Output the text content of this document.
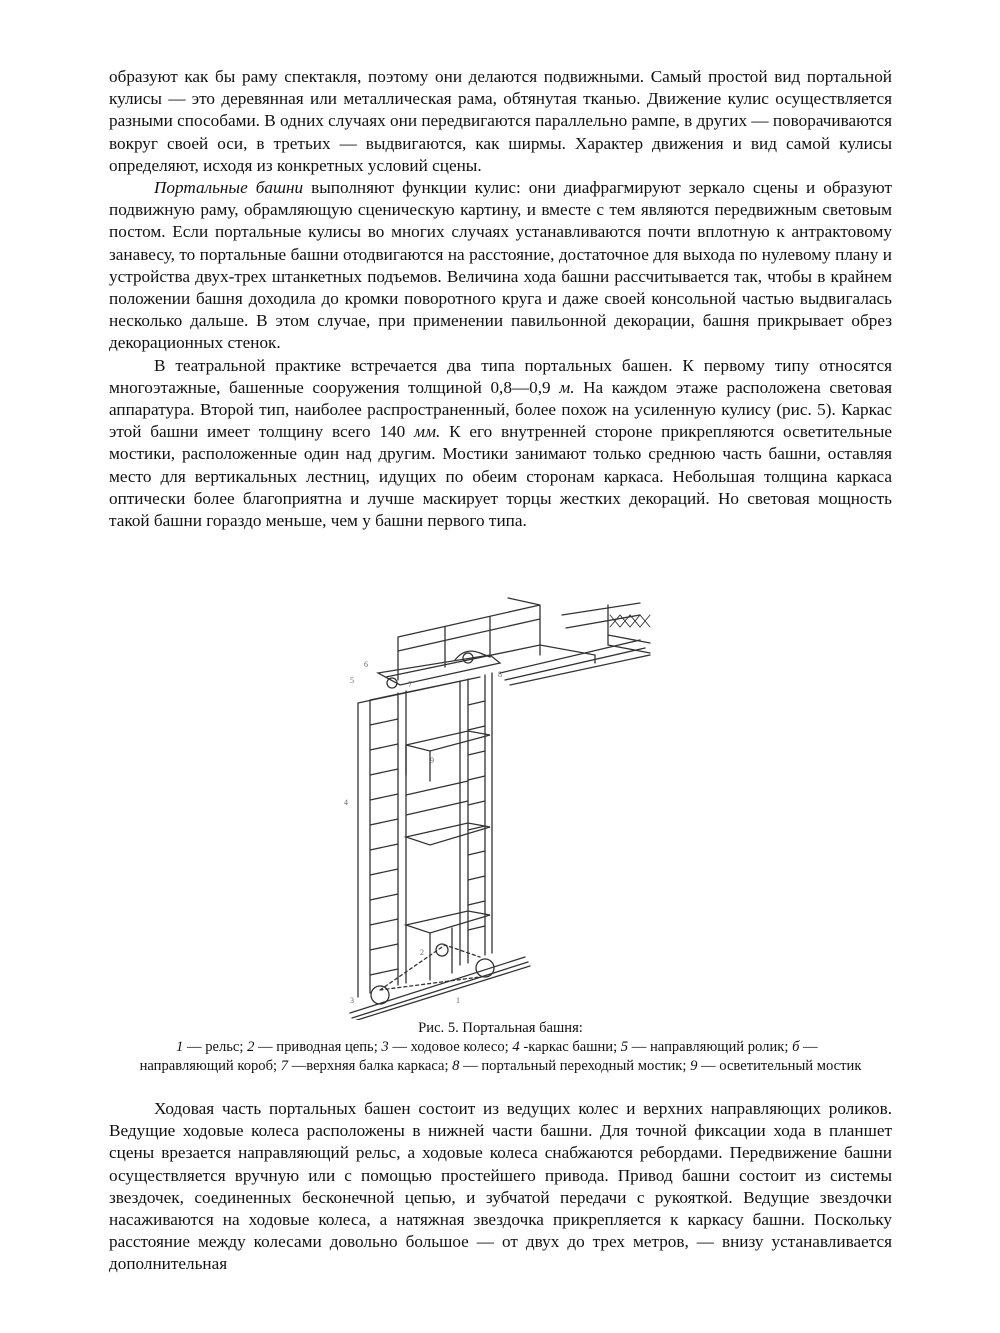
образуют как бы раму спектакля, поэтому они делаются подвижными. Самый простой вид портальной кулисы — это деревянная или металлическая рама, обтянутая тканью. Движение кулис осуществляется разными способами. В одних случаях они передвигаются параллельно рампе, в других — поворачиваются вокруг своей оси, в третьих — выдвигаются, как ширмы. Характер движения и вид самой кулисы определяют, исходя из конкретных условий сцены.

Портальные башни выполняют функции кулис: они диафрагмируют зеркало сцены и образуют подвижную раму, обрамляющую сценическую картину, и вместе с тем являются передвижным световым постом. Если портальные кулисы во многих случаях устанавливаются почти вплотную к антрактовому занавесу, то портальные башни отодвигаются на расстояние, достаточное для выхода по нулевому плану и устройства двух-трех штанкетных подъемов. Величина хода башни рассчитывается так, чтобы в крайнем положении башня доходила до кромки поворотного круга и даже своей консольной частью выдвигалась несколько дальше. В этом случае, при применении павильонной декорации, башня прикрывает обрез декорационных стенок.

В театральной практике встречается два типа портальных башен. К первому типу относятся многоэтажные, башенные сооружения толщиной 0,8—0,9 м. На каждом этаже расположена световая аппаратура. Второй тип, наиболее распространенный, более похож на усиленную кулису (рис. 5). Каркас этой башни имеет толщину всего 140 мм. К его внутренней стороне прикрепляются осветительные мостики, расположенные один над другим. Мостики занимают только среднюю часть башни, оставляя место для вертикальных лестниц, идущих по обеим сторонам каркаса. Небольшая толщина каркаса оптически более благоприятна и лучше маскирует торцы жестких декораций. Но световая мощность такой башни гораздо меньше, чем у башни первого типа.

8
6
5	7
4
9
2
3	1
Рис. 5. Портальная башня:
1 — рельс; 2 — приводная цепь; 3 — ходовое колесо; 4 -каркас башни; 5 — направляющий ролик; б —
направляющий короб; 7 —верхняя балка каркаса; 8 — портальный переходный мостик; 9 — осветительный мостик

Ходовая часть портальных башен состоит из ведущих колес и верхних направляющих роликов. Ведущие ходовые колеса расположены в нижней части башни. Для точной фиксации хода в планшет сцены врезается направляющий рельс, а ходовые колеса снабжаются ребордами. Передвижение башни осуществляется вручную или с помощью простейшего привода. Привод башни состоит из системы звездочек, соединенных бесконечной цепью, и зубчатой передачи с рукояткой. Ведущие звездочки насаживаются на ходовые колеса, а натяжная звездочка прикрепляется к каркасу башни. Поскольку расстояние между колесами довольно большое — от двух до трех метров, — внизу устанавливается дополнительная
